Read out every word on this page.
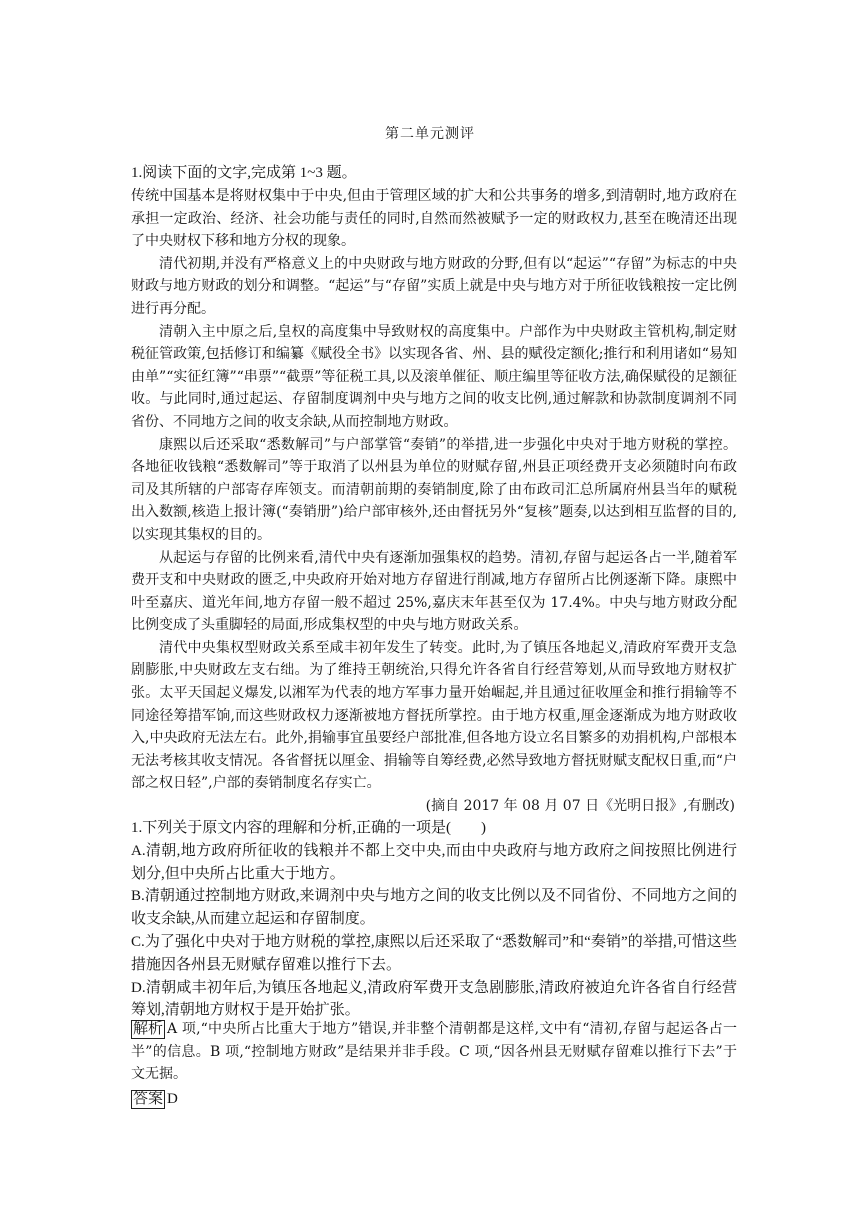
第二单元测评
1.阅读下面的文字,完成第 1~3 题。

传统中国基本是将财权集中于中央,但由于管理区域的扩大和公共事务的增多,到清朝时,地方政府在承担一定政治、经济、社会功能与责任的同时,自然而然被赋予一定的财政权力,甚至在晚清还出现了中央财权下移和地方分权的现象。

清代初期,并没有严格意义上的中央财政与地方财政的分野,但有以“起运”“存留”为标志的中央财政与地方财政的划分和调整。“起运”与“存留”实质上就是中央与地方对于所征收钱粮按一定比例进行再分配。

清朝入主中原之后,皇权的高度集中导致财权的高度集中。户部作为中央财政主管机构,制定财税征管政策,包括修订和编纂《赋役全书》以实现各省、州、县的赋役定额化;推行和利用诸如“易知由单”“实征红簿”“串票”“截票”等征税工具,以及滚单催征、顺庄编里等征收方法,确保赋役的足额征收。与此同时,通过起运、存留制度调剂中央与地方之间的收支比例,通过解款和协款制度调剂不同省份、不同地方之间的收支余缺,从而控制地方财政。

康熙以后还采取“悉数解司”与户部掌管“奏销”的举措,进一步强化中央对于地方财税的掌控。各地征收钱粮“悉数解司”等于取消了以州县为单位的财赋存留,州县正项经费开支必须随时向布政司及其所辖的户部寄存库领支。而清朝前期的奏销制度,除了由布政司汇总所属府州县当年的赋税出入数额,核造上报计簿(“奏销册”)给户部审核外,还由督抚另外“复核”题奏,以达到相互监督的目的,以实现其集权的目的。

从起运与存留的比例来看,清代中央有逐渐加强集权的趋势。清初,存留与起运各占一半,随着军费开支和中央财政的匮乏,中央政府开始对地方存留进行削减,地方存留所占比例逐渐下降。康熙中叶至嘉庆、道光年间,地方存留一般不超过 25%,嘉庆末年甚至仅为 17.4%。中央与地方财政分配比例变成了头重脚轻的局面,形成集权型的中央与地方财政关系。

清代中央集权型财政关系至咸丰初年发生了转变。此时,为了镇压各地起义,清政府军费开支急剧膨胀,中央财政左支右绌。为了维持王朝统治,只得允许各省自行经营筹划,从而导致地方财权扩张。太平天国起义爆发,以湘军为代表的地方军事力量开始崛起,并且通过征收厘金和推行捐输等不同途径筹措军饷,而这些财政权力逐渐被地方督抚所掌控。由于地方权重,厘金逐渐成为地方财政收入,中央政府无法左右。此外,捐输事宜虽要经户部批准,但各地方设立名目繁多的劝捐机构,户部根本无法考核其收支情况。各省督抚以厘金、捐输等自筹经费,必然导致地方督抚财赋支配权日重,而“户部之权日轻”,户部的奏销制度名存实亡。

(摘自 2017 年 08 月 07 日《光明日报》,有删改)

1.下列关于原文内容的理解和分析,正确的一项是(　　)

A.清朝,地方政府所征收的钱粮并不都上交中央,而由中央政府与地方政府之间按照比例进行划分,但中央所占比重大于地方。

B.清朝通过控制地方财政,来调剂中央与地方之间的收支比例以及不同省份、不同地方之间的收支余缺,从而建立起运和存留制度。

C.为了强化中央对于地方财税的掌控,康熙以后还采取了“悉数解司”和“奏销”的举措,可惜这些措施因各州县无财赋存留难以推行下去。

D.清朝咸丰初年后,为镇压各地起义,清政府军费开支急剧膨胀,清政府被迫允许各省自行经营筹划,清朝地方财权于是开始扩张。

解析 A 项,“中央所占比重大于地方”错误,并非整个清朝都是这样,文中有“清初,存留与起运各占一半”的信息。B 项,“控制地方财政”是结果并非手段。C 项,“因各州县无财赋存留难以推行下去”于文无据。

答案 D
